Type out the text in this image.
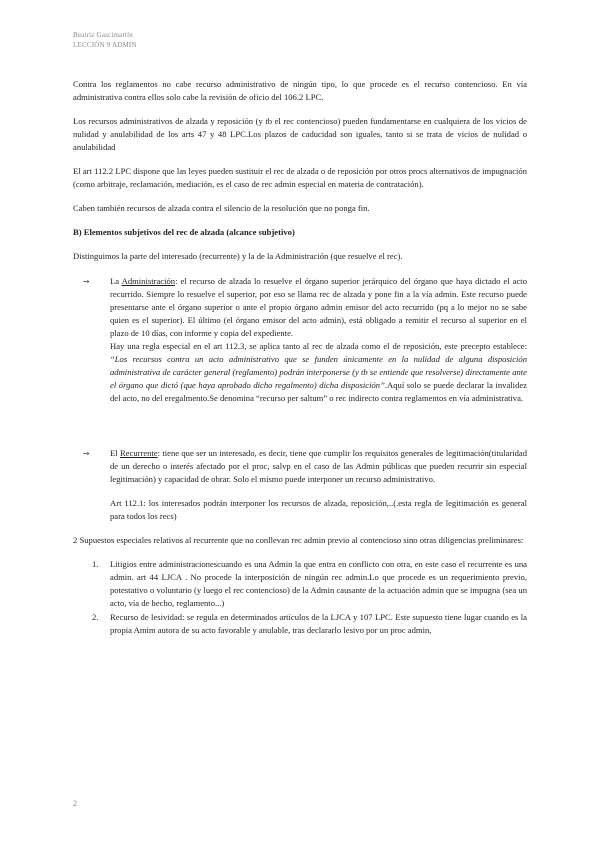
Beatriz Gascimartín
LECCIÓN 9 ADMIN

Contra los reglamentos no cabe recurso administrativo de ningún tipo, lo que procede es el recurso contencioso. En vía administrativa contra ellos solo cabe la revisión de oficio del 106.2 LPC.

Los recursos administrativos de alzada y reposición (y tb el rec contencioso) pueden fundamentarse en cualquiera de los vicios de nulidad y anulabilidad de los arts 47 y 48 LPC.Los plazos de caducidad son iguales, tanto si se trata de vicios de nulidad o anulabilidad

El art 112.2 LPC dispone que las leyes pueden sustituir el rec de alzada o de reposición por otros procs alternativos de impugnación (como arbitraje, reclamación, mediación, es el caso de rec admin especial en materia de contratación).

Caben también recursos de alzada contra el silencio de la resolución que no ponga fin.

B) Elementos subjetivos del rec de alzada (alcance subjetivo)

Distinguimos la parte del interesado (recurrente) y la de la Administración (que resuelve el rec).

➙ La Administración: el recurso de alzada lo resuelve el órgano superior jerárquico del órgano que haya dictado el acto recurrido. Siempre lo resuelve el superior, por eso se llama rec de alzada y pone fin a la vía admin. Este recurso puede presentarse ante el órgano superior o ante el propio órgano admin emisor del acto recurrido (pq a lo mejor no se sabe quien es el superior). El último (el órgano emisor del acto admin), está obligado a remitir el recurso al superior en el plazo de 10 días, con informe y copia del expediente.

Hay una regla especial en el art 112.3, se aplica tanto al rec de alzada como el de reposición, este precepto establece: “Los recursos contra un acto administrativo que se funden únicamente en la nulidad de alguna disposición administrativa de carácter general (reglamento) podrán interponerse (y tb se entiende que resolverse) directamente ante el órgano que dictó (que haya aprobado dicho regalmento) dicha disposición”.Aquí solo se puede declarar la invalidez del acto, no del eregalmento.Se denomina “recurso per saltum” o rec indirecto contra reglamentos en vía administrativa.

➙ El Recurrente: tiene que ser un interesado, es decir, tiene que cumplir los requisitos generales de legitimación(titularidad de un derecho o interés afectado por el proc, salvp en el caso de las Admin públicas que pueden recurrir sin especial legitimación) y capacidad de obrar. Solo el mismo puede interponer un recurso administrativo.

Art 112.1: los interesados podrán interponer los recursos de alzada, reposición,..(.esta regla de legitimación es general para todos los recs)

2 Supuestos especiales relativos al recurrente que no conllevan rec admin previo al contencioso sino otras diligencias preliminares:

1. Litigios entre administracionescuando es una Admin la que entra en conflicto con otra, en este caso el recurrente es una admin. art 44 LJCA . No procede la interposición de ningún rec admin.Lo que procede es un requerimiento previo, potestativo o voluntario (y luego el rec contencioso) de la Admin causante de la actuación admin que se impugna (sea un acto, vía de hecho, reglamento...)

2. Recurso de lesividad: se regula en determinados artículos de la LJCA y 107 LPC. Este supuesto tiene lugar cuando es la propia Amim autora de su acto favorable y anulable, tras declararlo lesivo por un proc admin,

2
